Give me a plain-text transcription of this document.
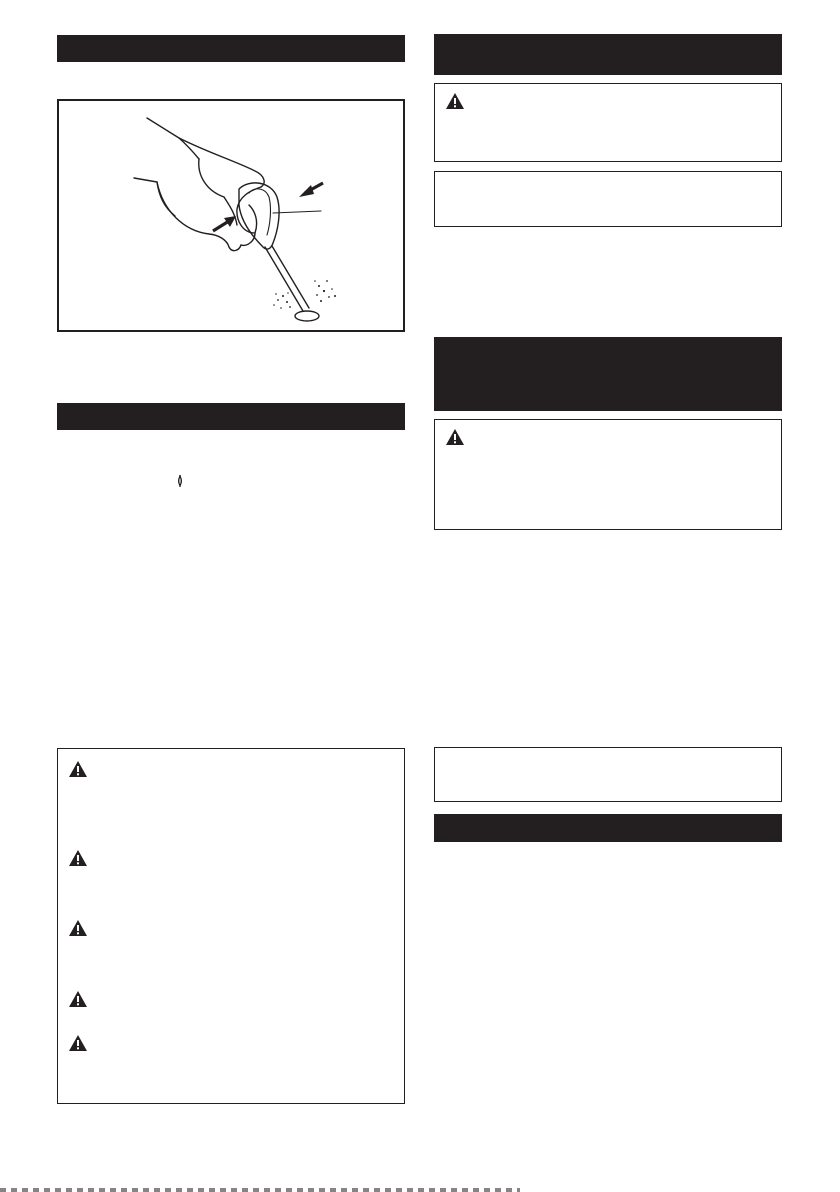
≬
